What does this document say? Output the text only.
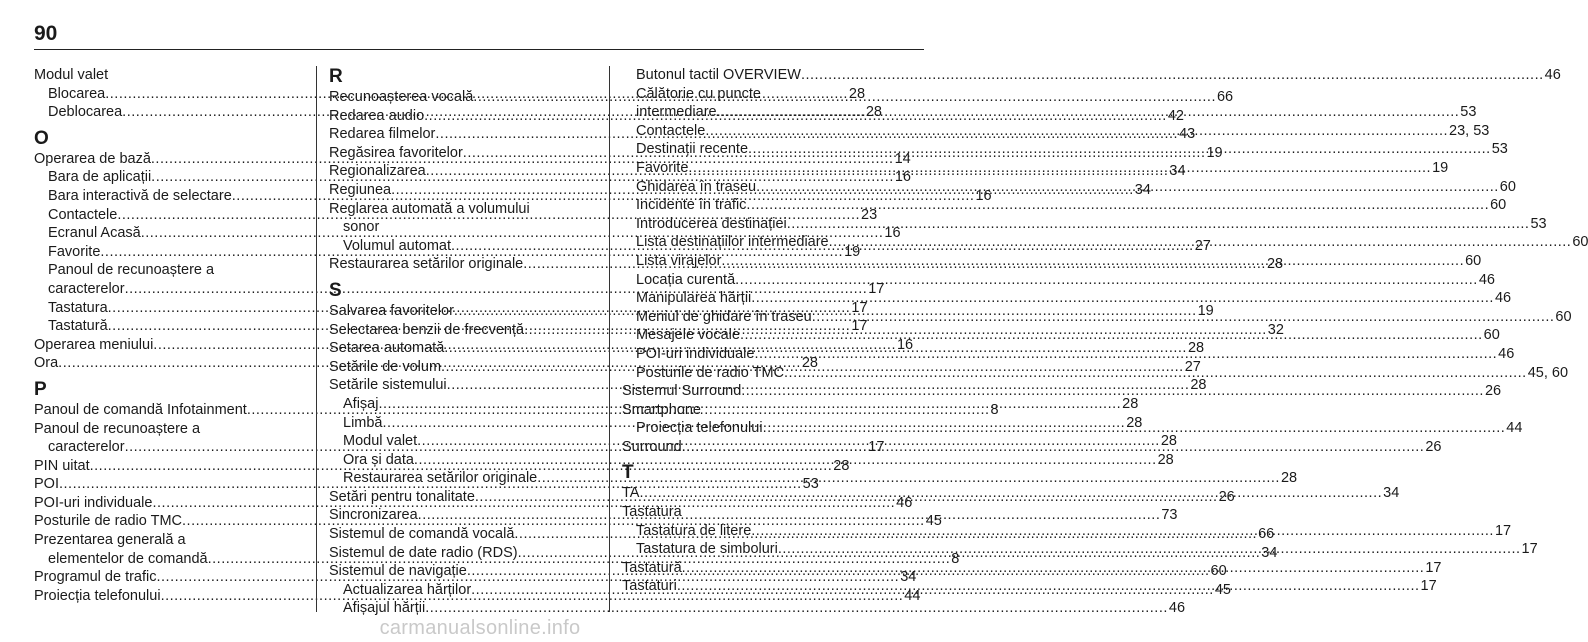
90
Modul valet
Blocarea .....	28
Deblocarea .....	28
O
Operarea de bază .....	14
Bara de aplicații .....	16
Bara interactivă de selectare .....	16
Contactele .....	23
Ecranul Acasă .....	16
Favorite .....	19
Panoul de recunoaștere a
caracterelor .....	17
Tastatura .....	17
Tastatură .....	17
Operarea meniului .....	16
Ora .....	28
P
Panoul de comandă Infotainment .....	8
Panoul de recunoaștere a
caracterelor .....	17
PIN uitat .....	28
POI .....	53
POI-uri individuale .....	46
Posturile de radio TMC .....	45
Prezentarea generală a
elementelor de comandă .....	8
Programul de trafic .....	34
Proiecția telefonului .....	44
R
Recunoașterea vocală .....	66
Redarea audio .....	42
Redarea filmelor .....	43
Regăsirea favoritelor .....	19
Regionalizarea .....	34
Regiunea .....	34
Reglarea automată a volumului
sonor
Volumul automat .....	27
Restaurarea setărilor originale .....	28
S
Salvarea favoritelor .....	19
Selectarea benzii de frecvență .....	32
Setarea automată .....	28
Setările de volum .....	27
Setările sistemului .....	28
Afișaj .....	28
Limbă .....	28
Modul valet .....	28
Ora și data .....	28
Restaurarea setărilor originale .....	28
Setări pentru tonalitate .....	26
Sincronizarea .....	73
Sistemul de comandă vocală .....	66
Sistemul de date radio (RDS) .....	34
Sistemul de navigație .....	60
Actualizarea hărților .....	45
Afișajul hărții .....	46
Butonul tactil OVERVIEW .....	46
Călătorie cu puncte
intermediare .....	53
Contactele .....	23, 53
Destinații recente .....	53
Favorite .....	19
Ghidarea în traseu .....	60
Incidente în trafic .....	60
Introducerea destinației .....	53
Lista destinațiilor intermediare .....	60
Lista virajelor .....	60
Locația curentă .....	46
Manipularea hărții .....	46
Meniul de ghidare în traseu .....	60
Mesajele vocale .....	60
POI-uri individuale .....	46
Posturile de radio TMC .....	45, 60
Sistemul Surround .....	26
Smartphone
Proiecția telefonului .....	44
Surround .....	26
T
TA .....	34
Tastatura
Tastatura de litere .....	17
Tastatura de simboluri .....	17
Tastatură .....	17
Tastaturi .....	17
carmanualsonline.info
